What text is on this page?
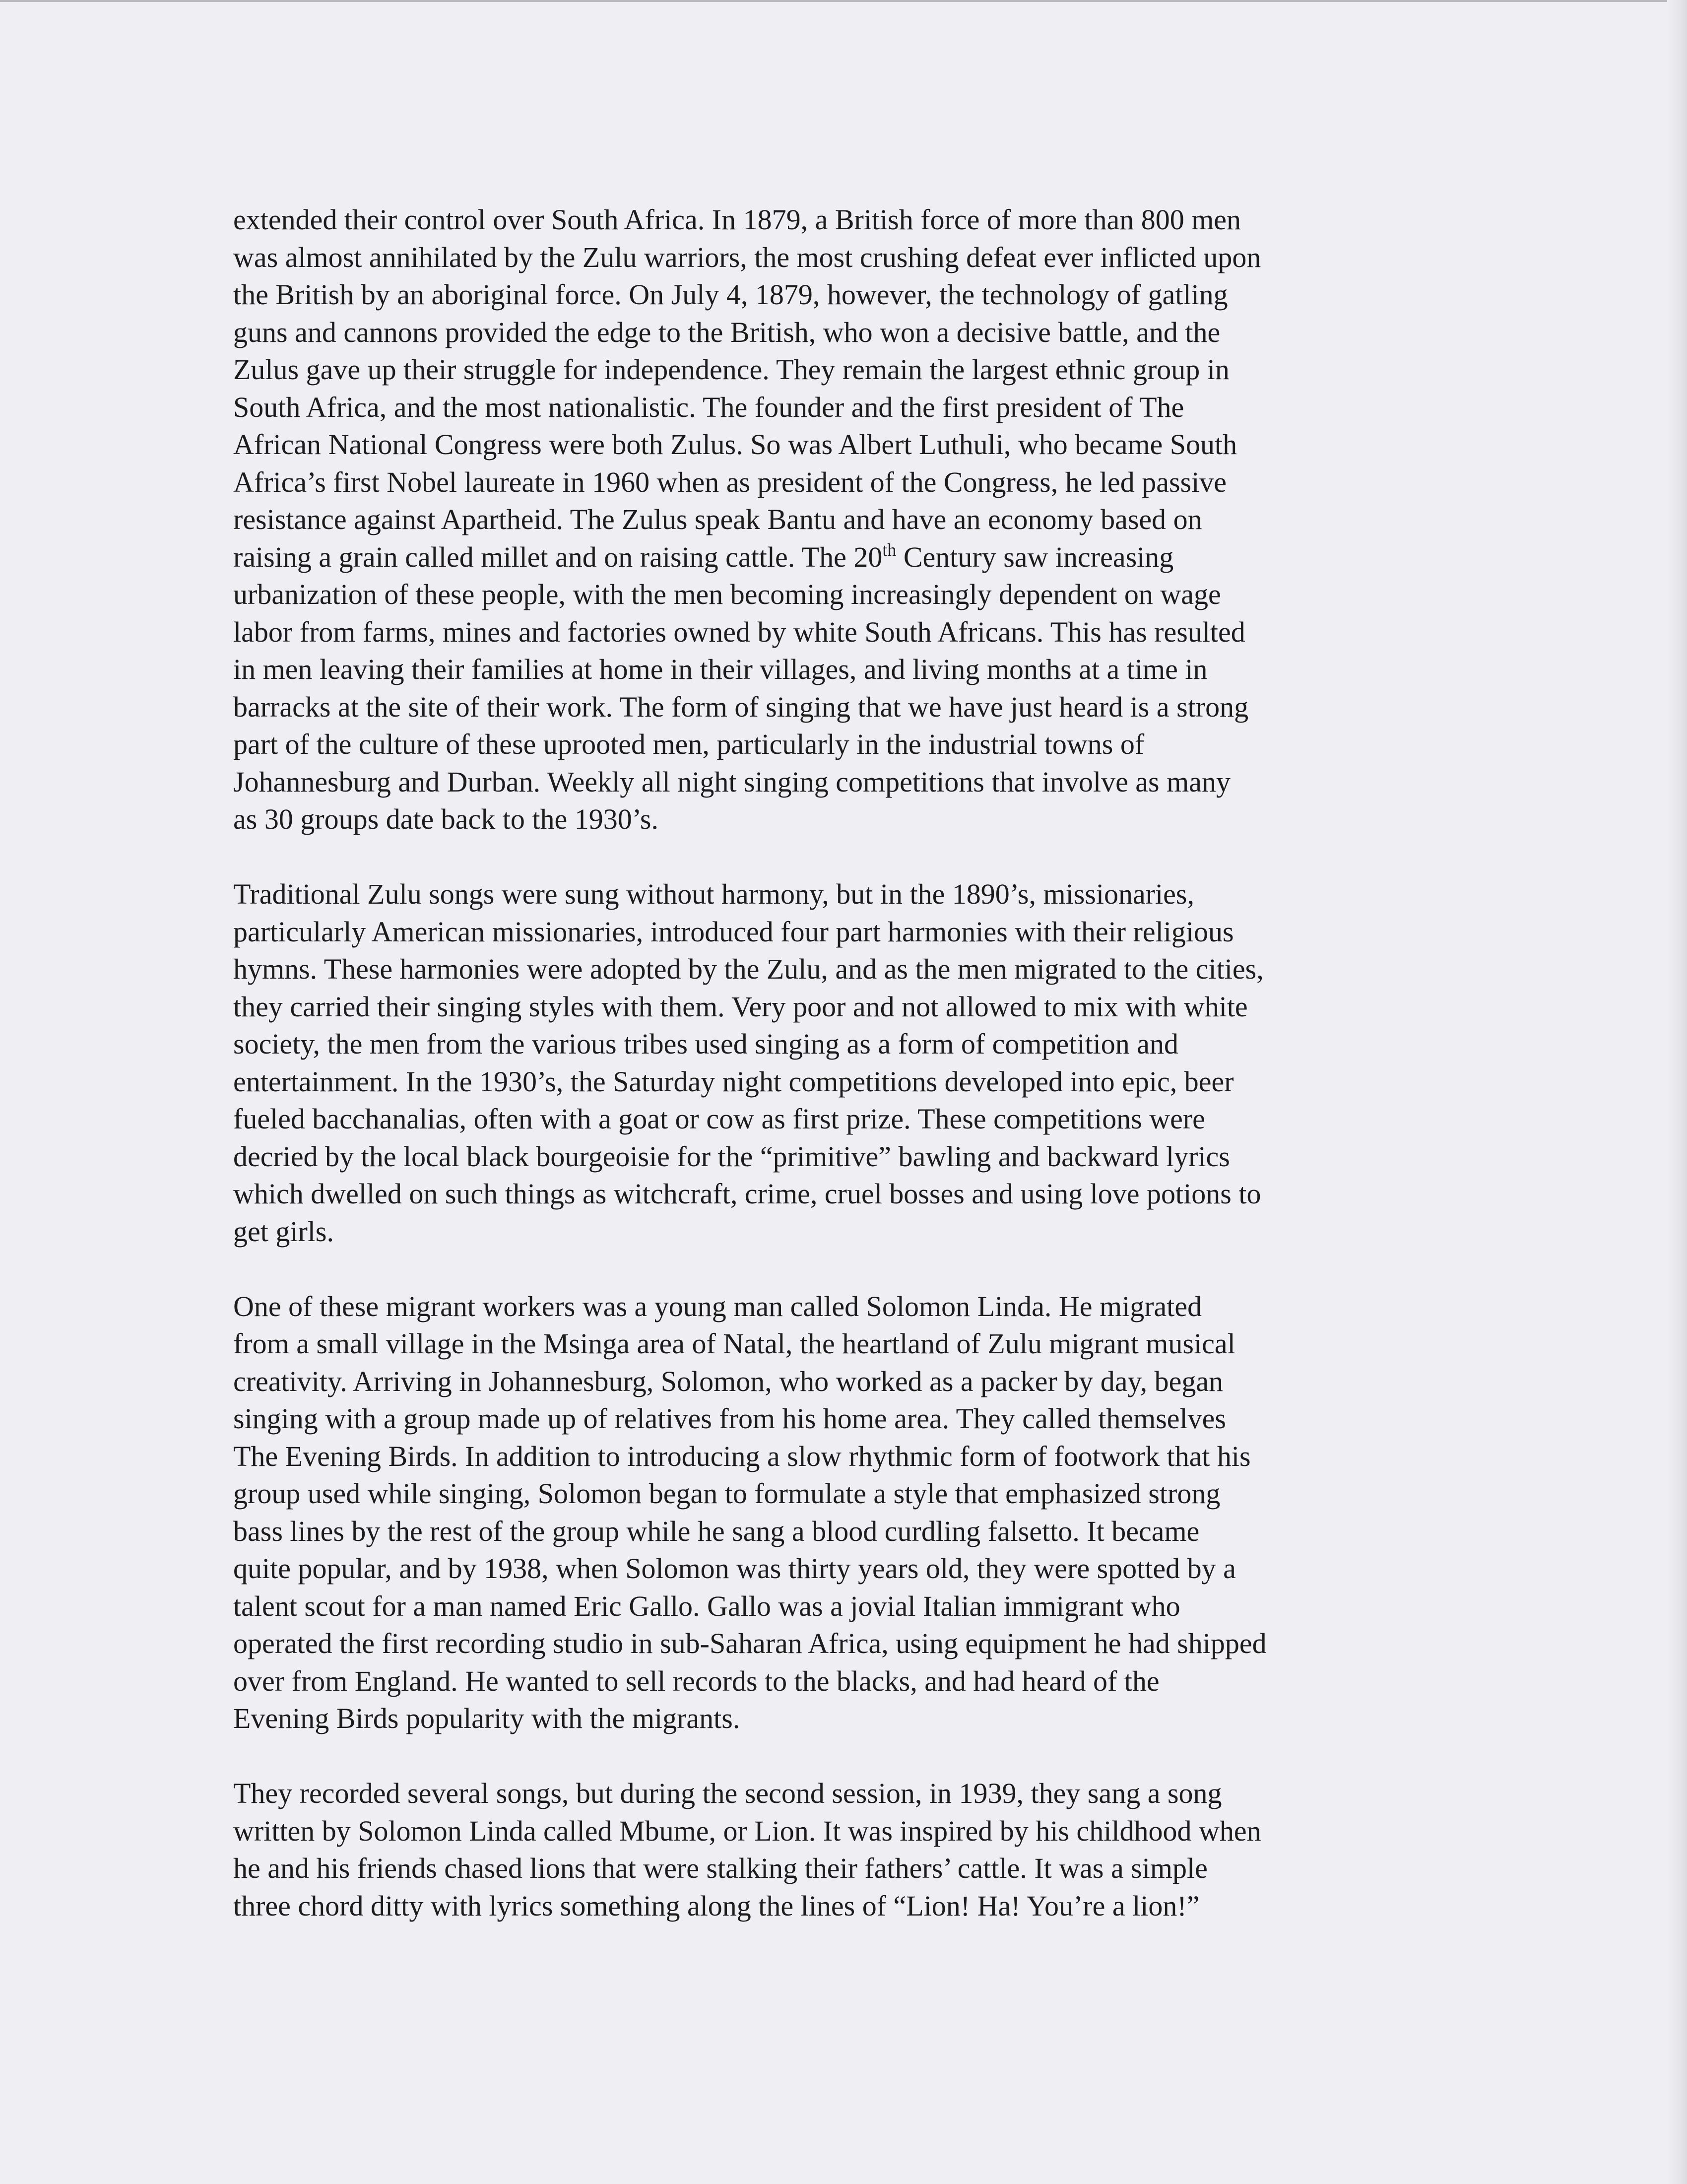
extended their control over South Africa. In 1879, a British force of more than 800 men
was almost annihilated by the Zulu warriors, the most crushing defeat ever inflicted upon
the British by an aboriginal force. On July 4, 1879, however, the technology of gatling
guns and cannons provided the edge to the British, who won a decisive battle, and the
Zulus gave up their struggle for independence. They remain the largest ethnic group in
South Africa, and the most nationalistic. The founder and the first president of The
African National Congress were both Zulus. So was Albert Luthuli, who became South
Africa’s first Nobel laureate in 1960 when as president of the Congress, he led passive
resistance against Apartheid. The Zulus speak Bantu and have an economy based on
raising a grain called millet and on raising cattle. The 20th Century saw increasing
urbanization of these people, with the men becoming increasingly dependent on wage
labor from farms, mines and factories owned by white South Africans. This has resulted
in men leaving their families at home in their villages, and living months at a time in
barracks at the site of their work. The form of singing that we have just heard is a strong
part of the culture of these uprooted men, particularly in the industrial towns of
Johannesburg and Durban. Weekly all night singing competitions that involve as many
as 30 groups date back to the 1930’s.
Traditional Zulu songs were sung without harmony, but in the 1890’s, missionaries,
particularly American missionaries, introduced four part harmonies with their religious
hymns. These harmonies were adopted by the Zulu, and as the men migrated to the cities,
they carried their singing styles with them. Very poor and not allowed to mix with white
society, the men from the various tribes used singing as a form of competition and
entertainment. In the 1930’s, the Saturday night competitions developed into epic, beer
fueled bacchanalias, often with a goat or cow as first prize. These competitions were
decried by the local black bourgeoisie for the “primitive” bawling and backward lyrics
which dwelled on such things as witchcraft, crime, cruel bosses and using love potions to
get girls.
One of these migrant workers was a young man called Solomon Linda. He migrated
from a small village in the Msinga area of Natal, the heartland of Zulu migrant musical
creativity. Arriving in Johannesburg, Solomon, who worked as a packer by day, began
singing with a group made up of relatives from his home area. They called themselves
The Evening Birds. In addition to introducing a slow rhythmic form of footwork that his
group used while singing, Solomon began to formulate a style that emphasized strong
bass lines by the rest of the group while he sang a blood curdling falsetto. It became
quite popular, and by 1938, when Solomon was thirty years old, they were spotted by a
talent scout for a man named Eric Gallo. Gallo was a jovial Italian immigrant who
operated the first recording studio in sub-Saharan Africa, using equipment he had shipped
over from England. He wanted to sell records to the blacks, and had heard of the
Evening Birds popularity with the migrants.
They recorded several songs, but during the second session, in 1939, they sang a song
written by Solomon Linda called Mbume, or Lion. It was inspired by his childhood when
he and his friends chased lions that were stalking their fathers’ cattle. It was a simple
three chord ditty with lyrics something along the lines of “Lion! Ha! You’re a lion!”
